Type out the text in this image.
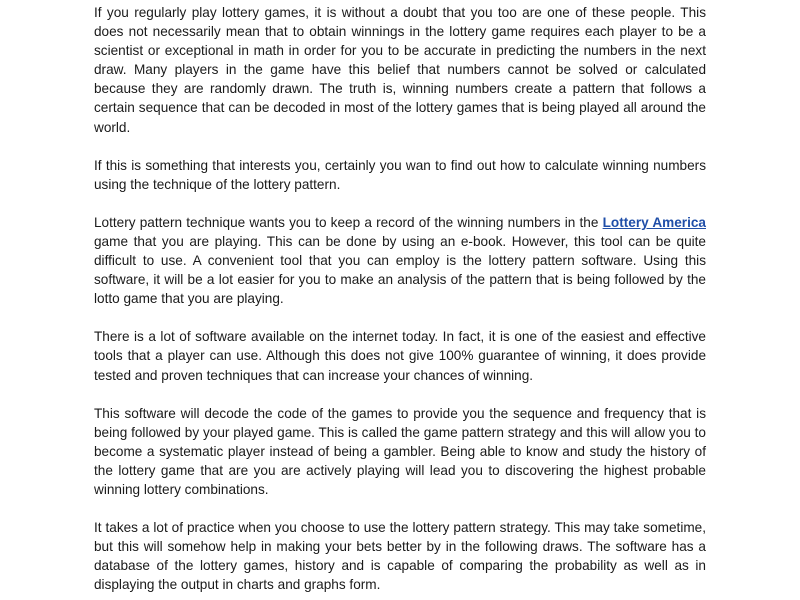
If you regularly play lottery games, it is without a doubt that you too are one of these people. This does not necessarily mean that to obtain winnings in the lottery game requires each player to be a scientist or exceptional in math in order for you to be accurate in predicting the numbers in the next draw. Many players in the game have this belief that numbers cannot be solved or calculated because they are randomly drawn. The truth is, winning numbers create a pattern that follows a certain sequence that can be decoded in most of the lottery games that is being played all around the world.

If this is something that interests you, certainly you wan to find out how to calculate winning numbers using the technique of the lottery pattern.

Lottery pattern technique wants you to keep a record of the winning numbers in the Lottery America game that you are playing. This can be done by using an e-book. However, this tool can be quite difficult to use. A convenient tool that you can employ is the lottery pattern software. Using this software, it will be a lot easier for you to make an analysis of the pattern that is being followed by the lotto game that you are playing.

There is a lot of software available on the internet today. In fact, it is one of the easiest and effective tools that a player can use. Although this does not give 100% guarantee of winning, it does provide tested and proven techniques that can increase your chances of winning.

This software will decode the code of the games to provide you the sequence and frequency that is being followed by your played game. This is called the game pattern strategy and this will allow you to become a systematic player instead of being a gambler. Being able to know and study the history of the lottery game that are you are actively playing will lead you to discovering the highest probable winning lottery combinations.

It takes a lot of practice when you choose to use the lottery pattern strategy. This may take sometime, but this will somehow help in making your bets better by in the following draws. The software has a database of the lottery games, history and is capable of comparing the probability as well as in displaying the output in charts and graphs form.
